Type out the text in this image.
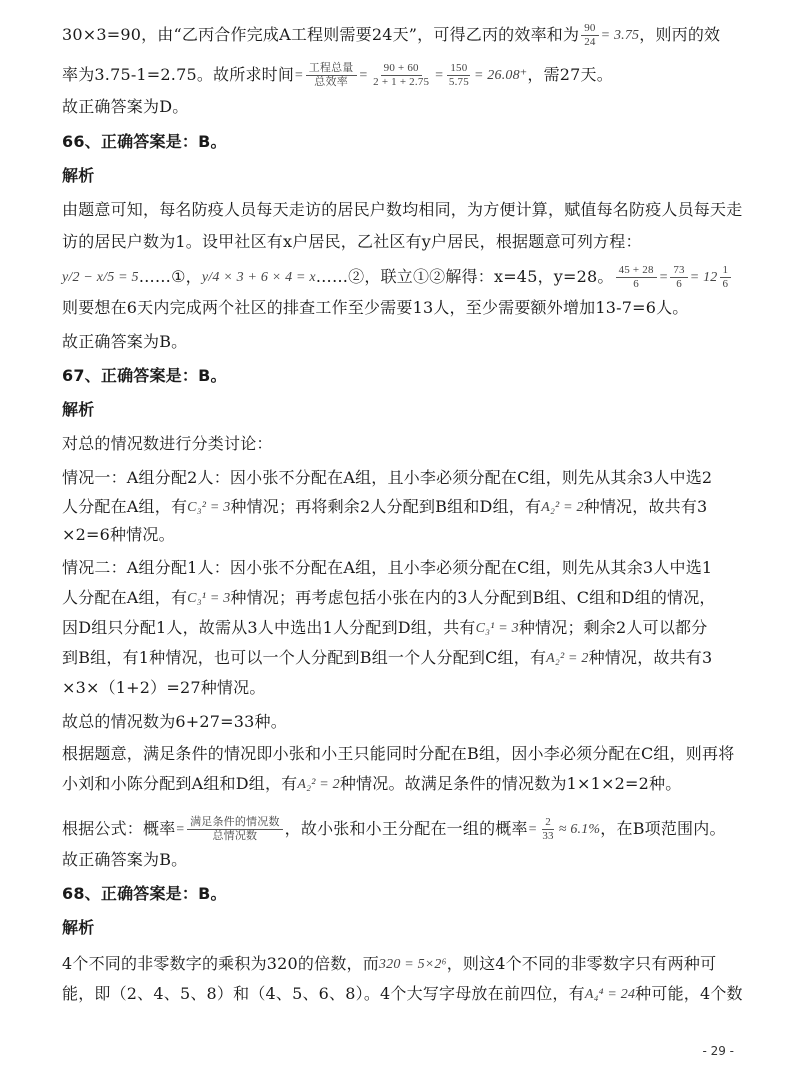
30×3=90，由“乙丙合作完成A工程则需要24天”，可得乙丙的效率和为 $\frac{90}{24} = 3.75$，则丙的效
率为3.75-1=2.75。故所求时间= $\frac{\text{工程总量}}{\text{总效率}} = \frac{90 + 60}{2 + 1 + 2.75} = \frac{150}{5.75} = 26.08^+$，需27天。
故正确答案为D。
66、正确答案是：B。
解析
由题意可知，每名防疫人员每天走访的居民户数均相同，为方便计算，赋值每名防疫人员每天走
访的居民户数为1。设甲社区有x户居民，乙社区有y户居民，根据题意可列方程：
y/2 − x/5 = 5……①，y/4 × 3 + 6 × 4 = x……②，联立①②解得：x=45，y=28。 $\frac{45 + 28}{6} = \frac{73}{6} = 12 \frac{1}{6}$
则要想在6天内完成两个社区的排查工作至少需要13人，至少需要额外增加13-7=6人。
故正确答案为B。
67、正确答案是：B。
解析
对总的情况数进行分类讨论：
情况一：A组分配2人：因小张不分配在A组，且小李必须分配在C组，则先从其余3人中选2
人分配在A组，有C₃² = 3种情况；再将剩余2人分配到B组和D组，有A₂² = 2种情况，故共有3
×2=6种情况。
情况二：A组分配1人：因小张不分配在A组，且小李必须分配在C组，则先从其余3人中选1
人分配在A组，有C₃¹ = 3种情况；再考虑包括小张在内的3人分配到B组、C组和D组的情况，
因D组只分配1人，故需从3人中选出1人分配到D组，共有C₃¹ = 3种情况；剩余2人可以都分
到B组，有1种情况，也可以一个人分配到B组一个人分配到C组，有A₂² = 2种情况，故共有3
×3×（1+2）=27种情况。
故总的情况数为6+27=33种。
根据题意，满足条件的情况即小张和小王只能同时分配在B组，因小李必须分配在C组，则再将
小刘和小陈分配到A组和D组，有A₂² = 2种情况。故满足条件的情况数为1×1×2=2种。
根据公式：概率= $\frac{\text{满足条件的情况数}}{\text{总情况数}}$ ，故小张和小王分配在一组的概率= $\frac{2}{33} \approx 6.1\%$，在B项范围内。
故正确答案为B。
68、正确答案是：B。
解析
4个不同的非零数字的乘积为320的倍数，而320 = 5×2⁶，则这4个不同的非零数字只有两种可
能，即（2、4、5、8）和（4、5、6、8）。4个大写字母放在前四位，有A₄⁴ = 24种可能，4个数
- 29 -
